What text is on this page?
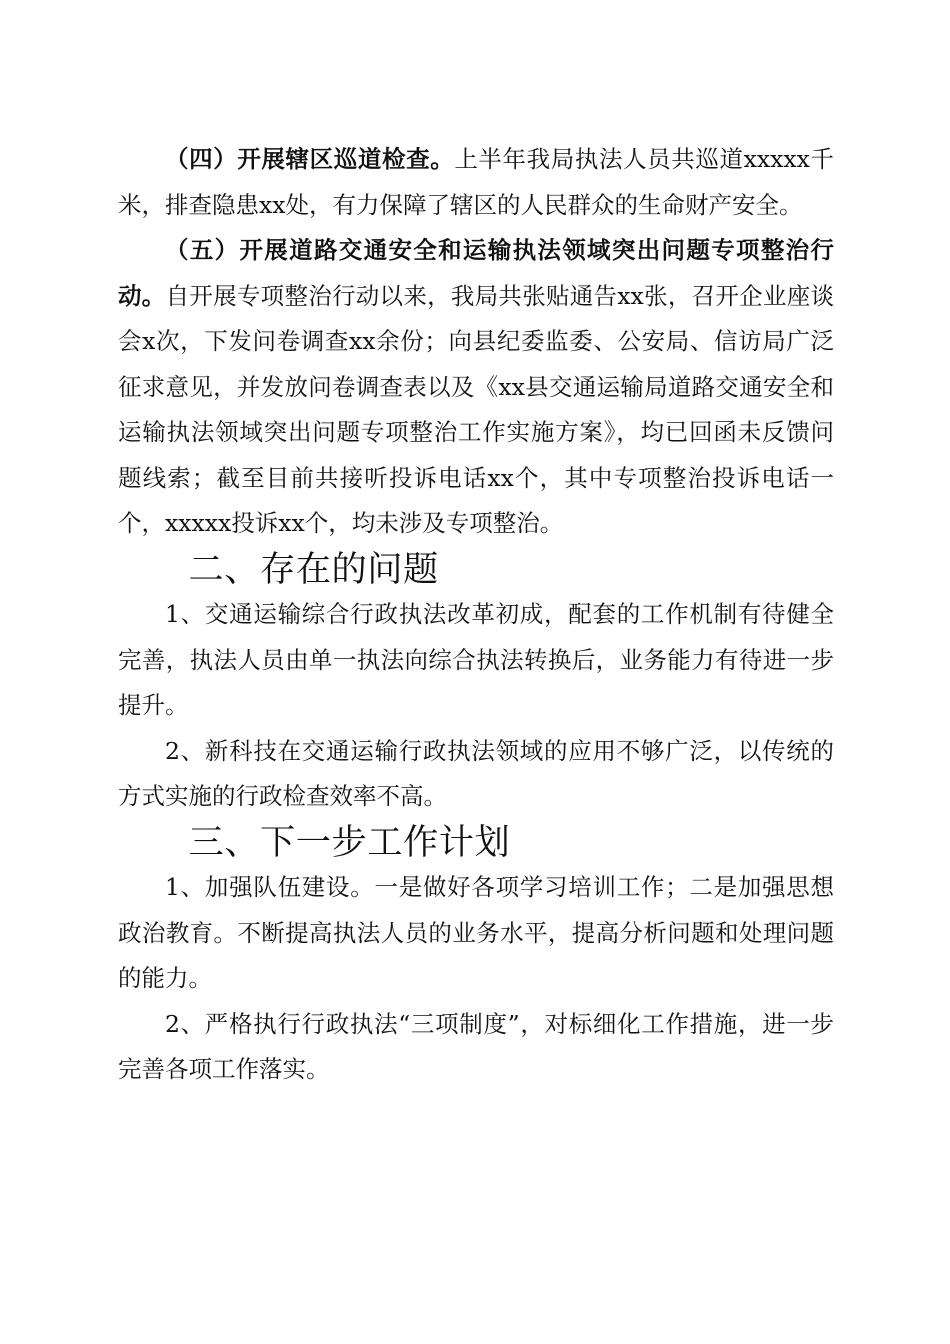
（四）开展辖区巡道检查。上半年我局执法人员共巡道xxxxx千米，排查隐患xx处，有力保障了辖区的人民群众的生命财产安全。

（五）开展道路交通安全和运输执法领域突出问题专项整治行动。自开展专项整治行动以来，我局共张贴通告xx张，召开企业座谈会x次，下发问卷调查xx余份；向县纪委监委、公安局、信访局广泛征求意见，并发放问卷调查表以及《xx县交通运输局道路交通安全和运输执法领域突出问题专项整治工作实施方案》，均已回函未反馈问题线索；截至目前共接听投诉电话xx个，其中专项整治投诉电话一个，xxxxx投诉xx个，均未涉及专项整治。

二、存在的问题

1、交通运输综合行政执法改革初成，配套的工作机制有待健全完善，执法人员由单一执法向综合执法转换后，业务能力有待进一步提升。

2、新科技在交通运输行政执法领域的应用不够广泛，以传统的方式实施的行政检查效率不高。

三、下一步工作计划

1、加强队伍建设。一是做好各项学习培训工作；二是加强思想政治教育。不断提高执法人员的业务水平，提高分析问题和处理问题的能力。

2、严格执行行政执法“三项制度”，对标细化工作措施，进一步完善各项工作落实。
